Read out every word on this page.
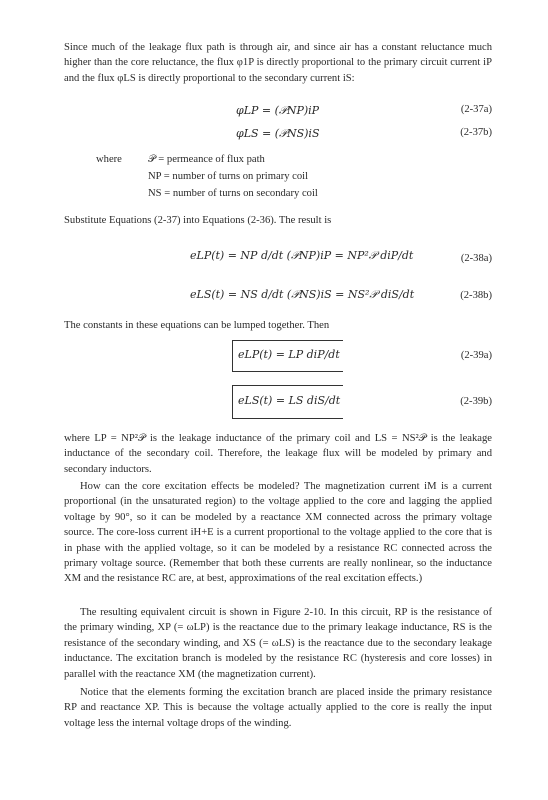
Since much of the leakage flux path is through air, and since air has a constant reluctance much higher than the core reluctance, the flux φ1P is directly proportional to the primary circuit current iP and the flux φLS is directly proportional to the secondary current iS:

φLP = (𝒫NP)iP	(2-37a)
φLS = (𝒫NS)iS	(2-37b)
where 𝒫 = permeance of flux path
NP = number of turns on primary coil
NS = number of turns on secondary coil

Substitute Equations (2-37) into Equations (2-36). The result is

eLP(t) = NP d/dt (𝒫NP)iP = NP²𝒫 diP/dt	(2-38a)
eLS(t) = NS d/dt (𝒫NS)iS = NS²𝒫 diS/dt	(2-38b)

The constants in these equations can be lumped together. Then

eLP(t) = LP diP/dt	(2-39a)
eLS(t) = LS diS/dt	(2-39b)

where LP = NP²𝒫 is the leakage inductance of the primary coil and LS = NS²𝒫 is the leakage inductance of the secondary coil. Therefore, the leakage flux will be modeled by primary and secondary inductors.

How can the core excitation effects be modeled? The magnetization current iM is a current proportional (in the unsaturated region) to the voltage applied to the core and lagging the applied voltage by 90°, so it can be modeled by a reactance XM connected across the primary voltage source. The core-loss current iH+E is a current proportional to the voltage applied to the core that is in phase with the applied voltage, so it can be modeled by a resistance RC connected across the primary voltage source. (Remember that both these currents are really nonlinear, so the inductance XM and the resistance RC are, at best, approximations of the real excitation effects.)

The resulting equivalent circuit is shown in Figure 2-10. In this circuit, RP is the resistance of the primary winding, XP (= ωLP) is the reactance due to the primary leakage inductance, RS is the resistance of the secondary winding, and XS (= ωLS) is the reactance due to the secondary leakage inductance. The excitation branch is modeled by the resistance RC (hysteresis and core losses) in parallel with the reactance XM (the magnetization current).

Notice that the elements forming the excitation branch are placed inside the primary resistance RP and reactance XP. This is because the voltage actually applied to the core is really the input voltage less the internal voltage drops of the winding.
